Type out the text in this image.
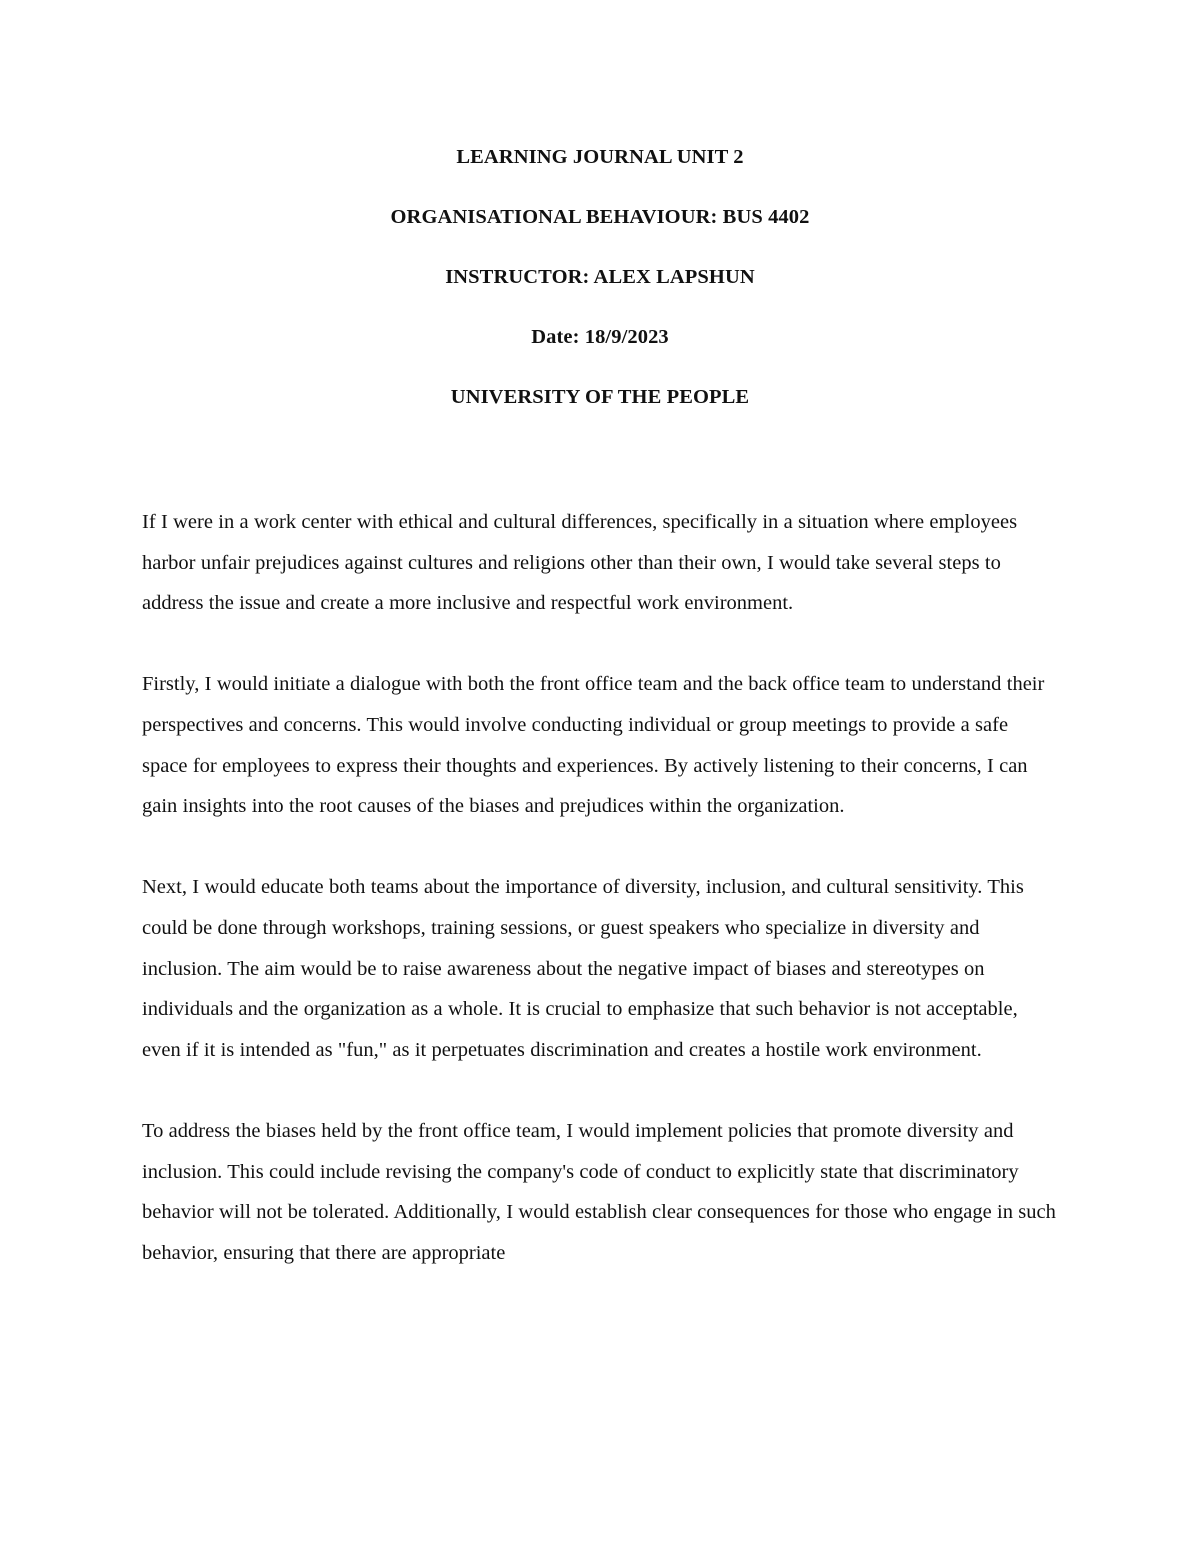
LEARNING JOURNAL UNIT 2
ORGANISATIONAL BEHAVIOUR: BUS 4402
INSTRUCTOR: ALEX LAPSHUN
Date: 18/9/2023
UNIVERSITY OF THE PEOPLE

If I were in a work center with ethical and cultural differences, specifically in a situation where employees harbor unfair prejudices against cultures and religions other than their own, I would take several steps to address the issue and create a more inclusive and respectful work environment.

Firstly, I would initiate a dialogue with both the front office team and the back office team to understand their perspectives and concerns. This would involve conducting individual or group meetings to provide a safe space for employees to express their thoughts and experiences. By actively listening to their concerns, I can gain insights into the root causes of the biases and prejudices within the organization.

Next, I would educate both teams about the importance of diversity, inclusion, and cultural sensitivity. This could be done through workshops, training sessions, or guest speakers who specialize in diversity and inclusion. The aim would be to raise awareness about the negative impact of biases and stereotypes on individuals and the organization as a whole. It is crucial to emphasize that such behavior is not acceptable, even if it is intended as "fun," as it perpetuates discrimination and creates a hostile work environment.

To address the biases held by the front office team, I would implement policies that promote diversity and inclusion. This could include revising the company's code of conduct to explicitly state that discriminatory behavior will not be tolerated. Additionally, I would establish clear consequences for those who engage in such behavior, ensuring that there are appropriate
